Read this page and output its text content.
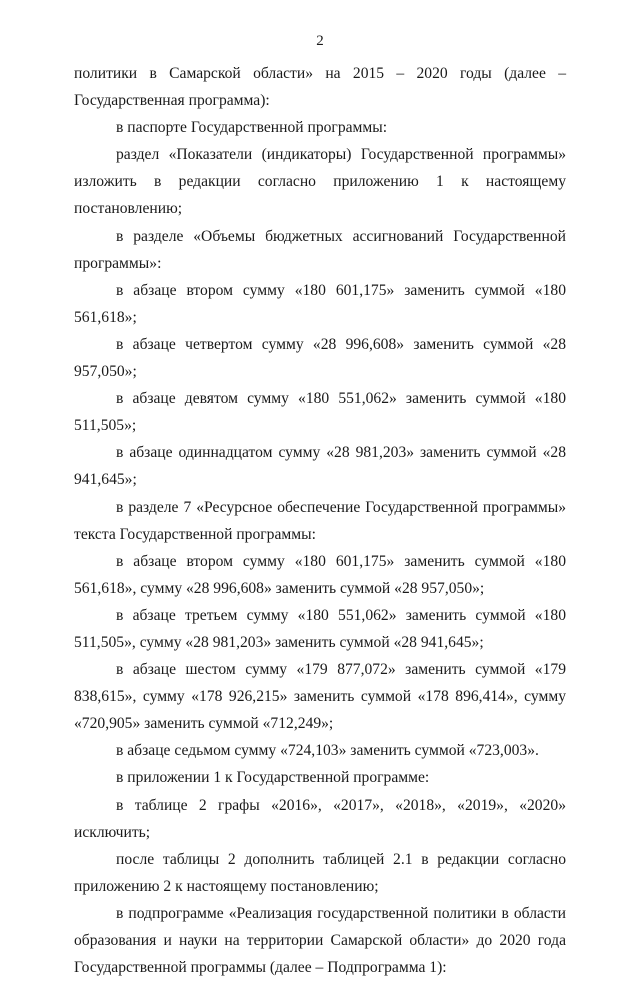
2

политики в Самарской области» на 2015 – 2020 годы (далее – Государственная программа):

в паспорте Государственной программы:

раздел «Показатели (индикаторы) Государственной программы» изложить в редакции согласно приложению 1 к настоящему постановлению;

в разделе «Объемы бюджетных ассигнований Государственной программы»:

в абзаце втором сумму «180 601,175» заменить суммой «180 561,618»;

в абзаце четвертом сумму «28 996,608» заменить суммой «28 957,050»;

в абзаце девятом сумму «180 551,062» заменить суммой «180 511,505»;

в абзаце одиннадцатом сумму «28 981,203» заменить суммой «28 941,645»;

в разделе 7 «Ресурсное обеспечение Государственной программы» текста Государственной программы:

в абзаце втором сумму «180 601,175» заменить суммой «180 561,618», сумму «28 996,608» заменить суммой «28 957,050»;

в абзаце третьем сумму «180 551,062» заменить суммой «180 511,505», сумму «28 981,203» заменить суммой «28 941,645»;

в абзаце шестом сумму «179 877,072» заменить суммой «179 838,615», сумму «178 926,215» заменить суммой «178 896,414», сумму «720,905» заменить суммой «712,249»;

в абзаце седьмом сумму «724,103» заменить суммой «723,003».

в приложении 1 к Государственной программе:

в таблице 2 графы «2016», «2017», «2018», «2019», «2020» исключить;

после таблицы 2 дополнить таблицей 2.1 в редакции согласно приложению 2 к настоящему постановлению;

в подпрограмме «Реализация государственной политики в области образования и науки на территории Самарской области» до 2020 года Государственной программы (далее – Подпрограмма 1):
